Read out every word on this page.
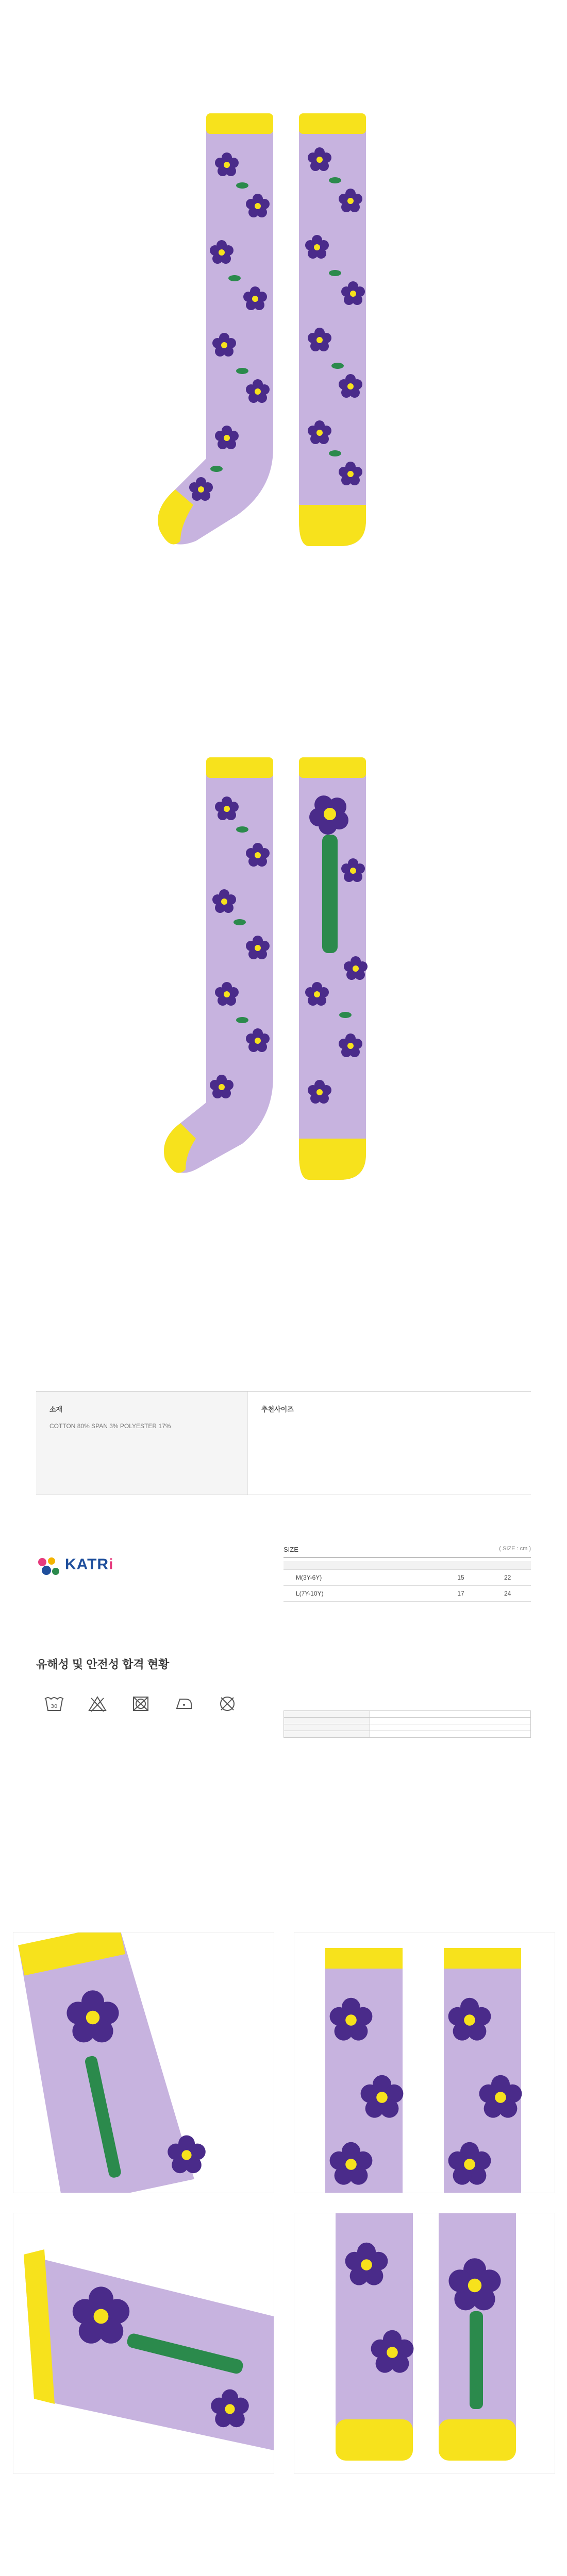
소재
COTTON 80% SPAN 3% POLYESTER 17%
추천사이즈
KATRi
유해성 및 안전성 합격 현황
30
SIZE	( SIZE : cm )

M(3Y-6Y)	15	22
L(7Y-10Y)	17	24
